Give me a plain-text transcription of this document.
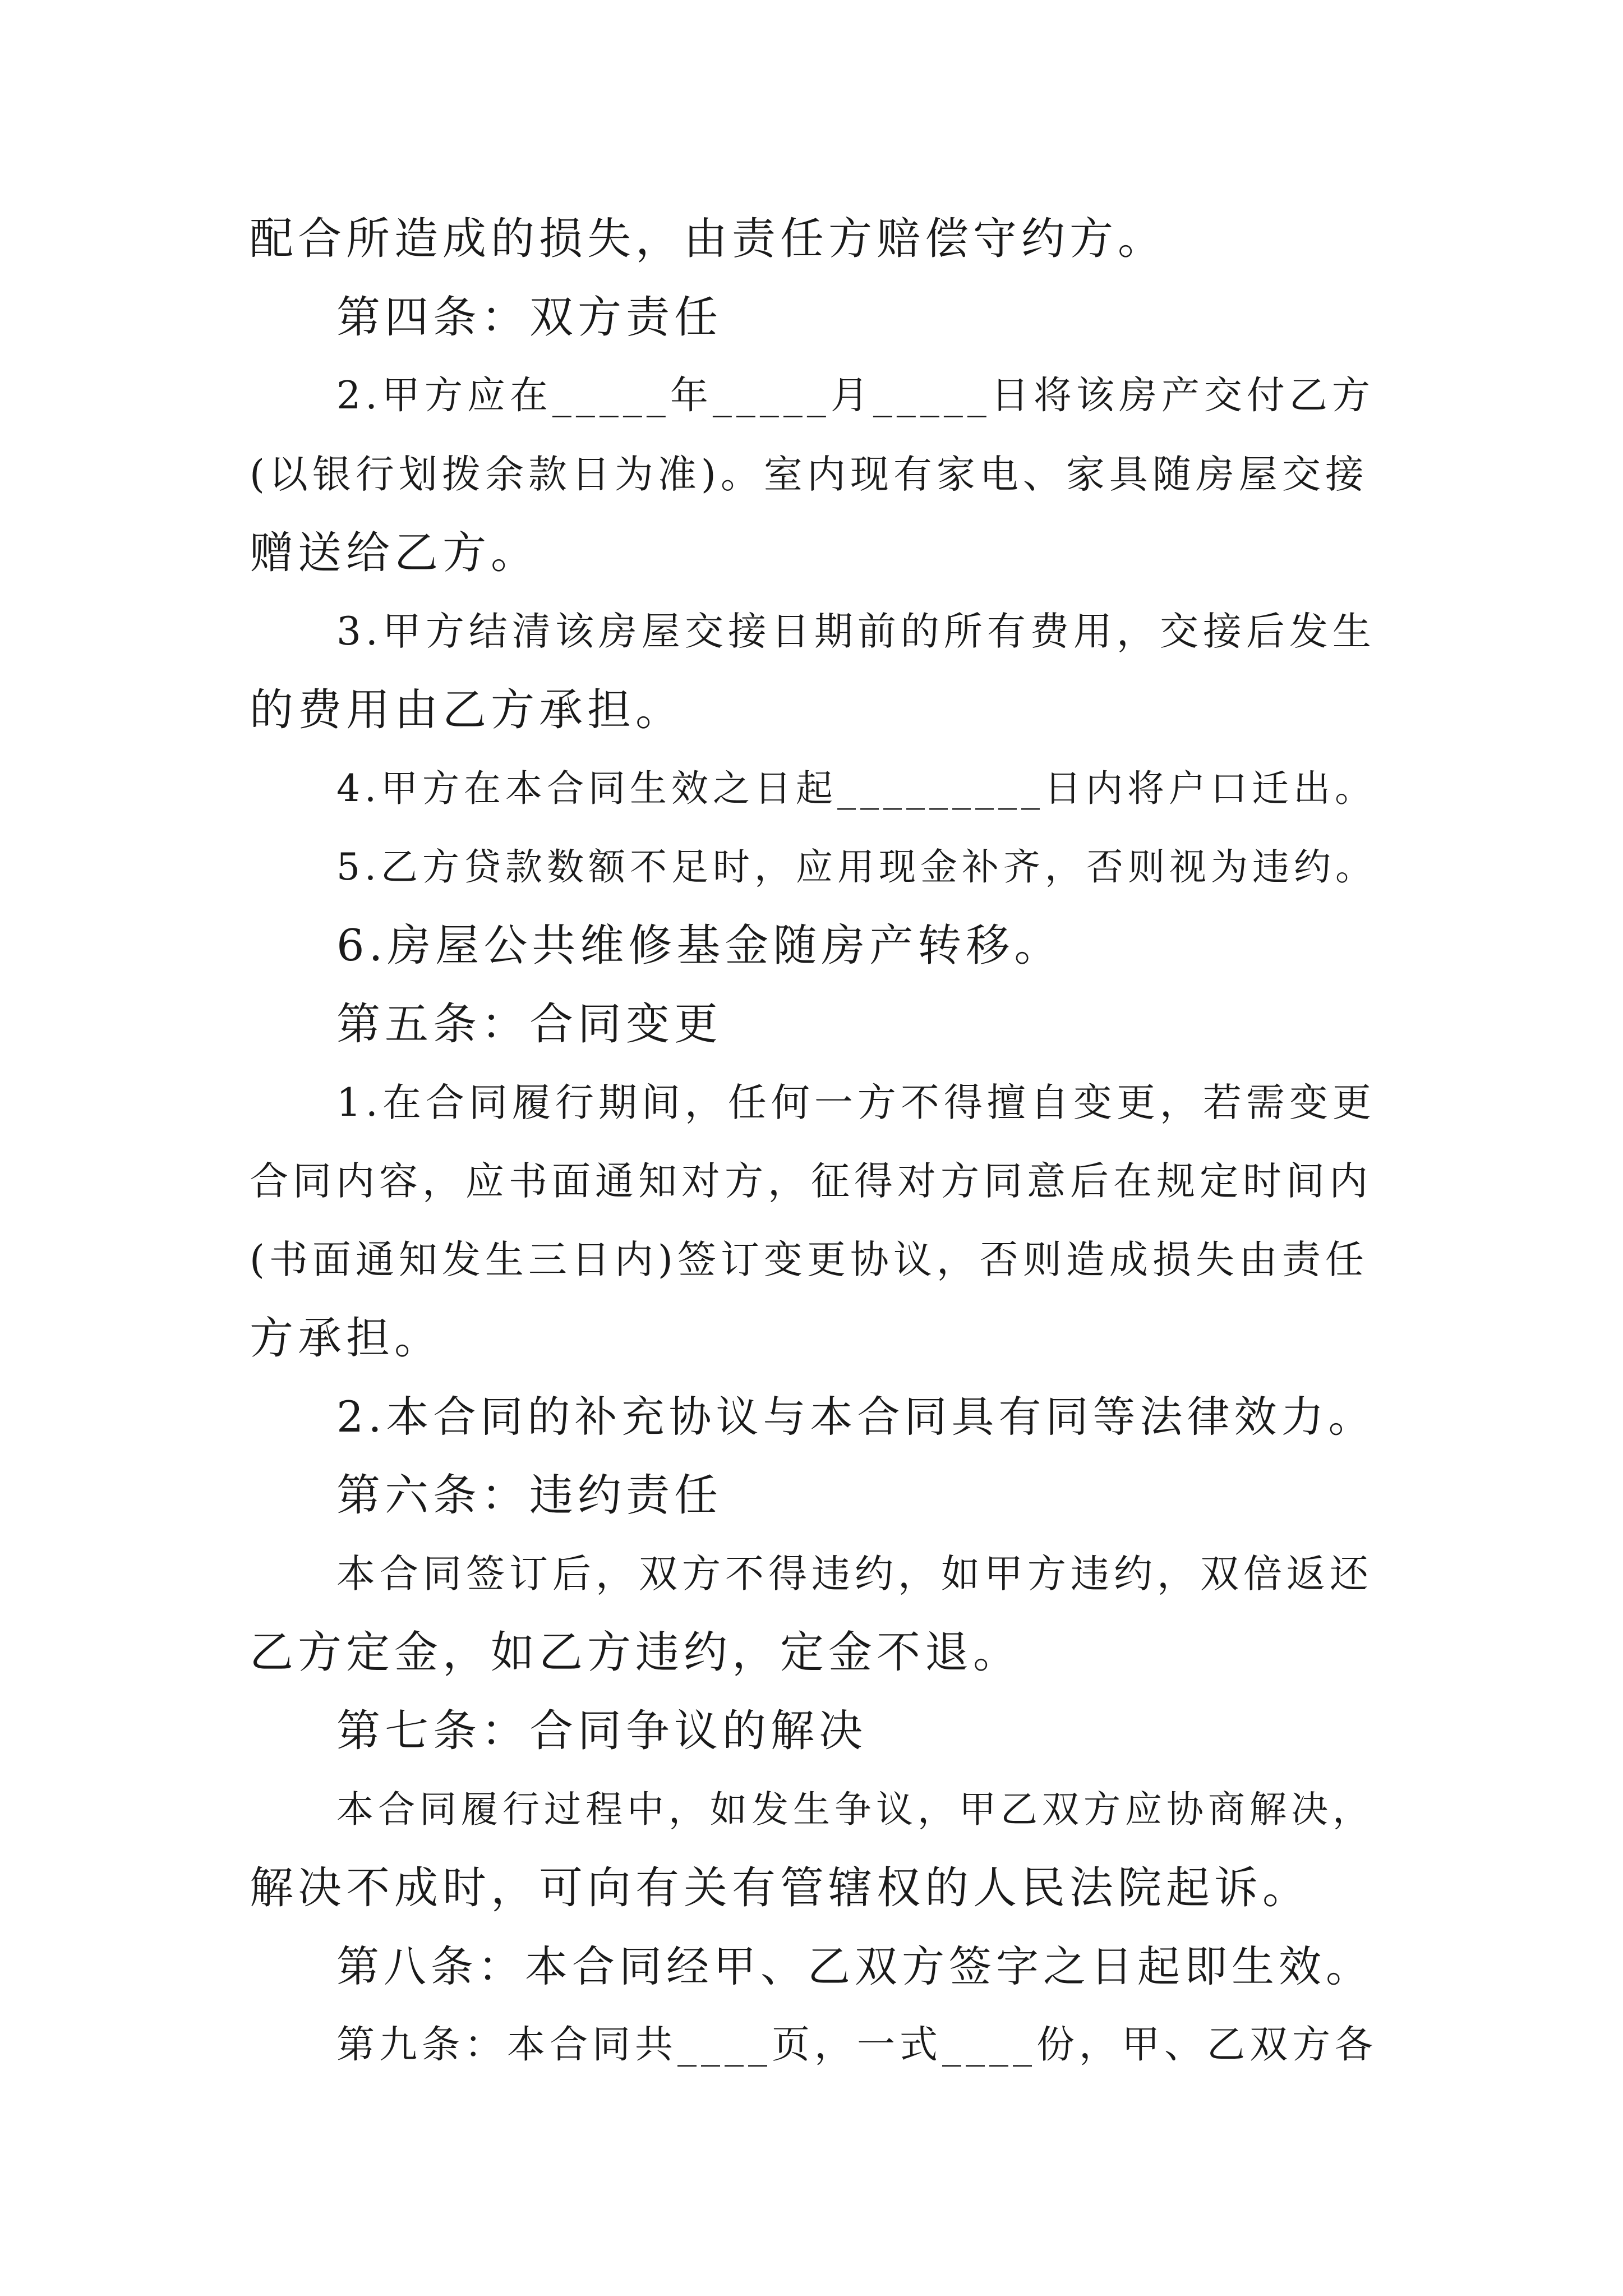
配合所造成的损失，由责任方赔偿守约方。
第四条：双方责任
2.甲方应在_____年_____月_____日将该房产交付乙方
(以银行划拨余款日为准)。室内现有家电、家具随房屋交接
赠送给乙方。
3.甲方结清该房屋交接日期前的所有费用，交接后发生
的费用由乙方承担。
4.甲方在本合同生效之日起_________日内将户口迁出。
5.乙方贷款数额不足时，应用现金补齐，否则视为违约。
6.房屋公共维修基金随房产转移。
第五条：合同变更
1.在合同履行期间，任何一方不得擅自变更，若需变更
合同内容，应书面通知对方，征得对方同意后在规定时间内
(书面通知发生三日内)签订变更协议，否则造成损失由责任
方承担。
2.本合同的补充协议与本合同具有同等法律效力。
第六条：违约责任
本合同签订后，双方不得违约，如甲方违约，双倍返还
乙方定金，如乙方违约，定金不退。
第七条：合同争议的解决
本合同履行过程中，如发生争议，甲乙双方应协商解决，
解决不成时，可向有关有管辖权的人民法院起诉。
第八条：本合同经甲、乙双方签字之日起即生效。
第九条：本合同共____页，一式____份，甲、乙双方各
